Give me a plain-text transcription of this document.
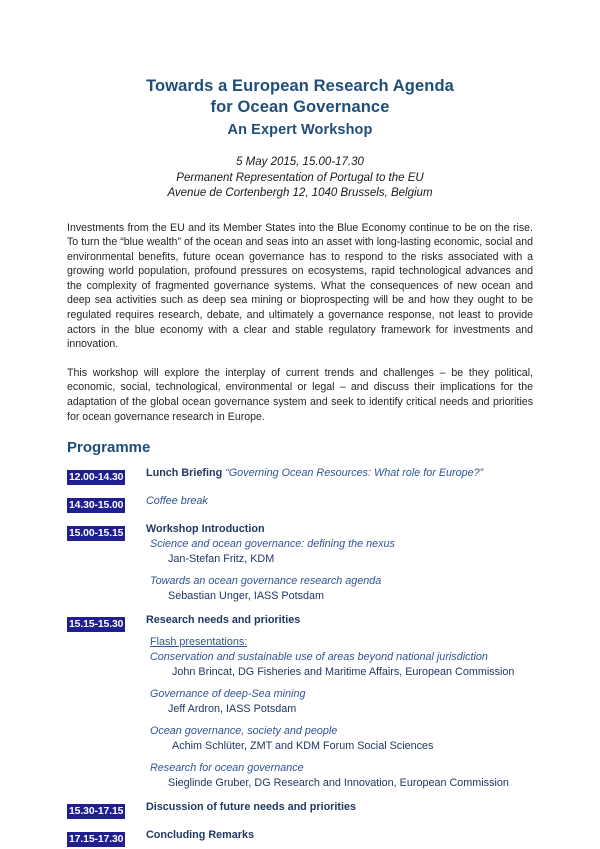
Towards a European Research Agenda
for Ocean Governance
An Expert Workshop
5 May 2015, 15.00-17.30
Permanent Representation of Portugal to the EU
Avenue de Cortenbergh 12, 1040 Brussels, Belgium

Investments from the EU and its Member States into the Blue Economy continue to be on the rise. To turn the “blue wealth” of the ocean and seas into an asset with long-lasting economic, social and environmental benefits, future ocean governance has to respond to the risks associated with a growing world population, profound pressures on ecosystems, rapid technological advances and the complexity of fragmented governance systems. What the consequences of new ocean and deep sea activities such as deep sea mining or bioprospecting will be and how they ought to be regulated requires research, debate, and ultimately a governance response, not least to provide actors in the blue economy with a clear and stable regulatory framework for investments and innovation.

This workshop will explore the interplay of current trends and challenges – be they political, economic, social, technological, environmental or legal – and discuss their implications for the adaptation of the global ocean governance system and seek to identify critical needs and priorities for ocean governance research in Europe.

Programme
12.00-14.30	Lunch Briefing “Governing Ocean Resources: What role for Europe?”
14.30-15.00	Coffee break
15.00-15.15	Workshop Introduction
Science and ocean governance: defining the nexus
Jan-Stefan Fritz, KDM
Towards an ocean governance research agenda
Sebastian Unger, IASS Potsdam
15.15-15.30	Research needs and priorities
Flash presentations:
Conservation and sustainable use of areas beyond national jurisdiction
John Brincat, DG Fisheries and Maritime Affairs, European Commission
Governance of deep-Sea mining
Jeff Ardron, IASS Potsdam
Ocean governance, society and people
Achim Schlüter, ZMT and KDM Forum Social Sciences
Research for ocean governance
Sieglinde Gruber, DG Research and Innovation, European Commission
15.30-17.15	Discussion of future needs and priorities
17.15-17.30	Concluding Remarks
